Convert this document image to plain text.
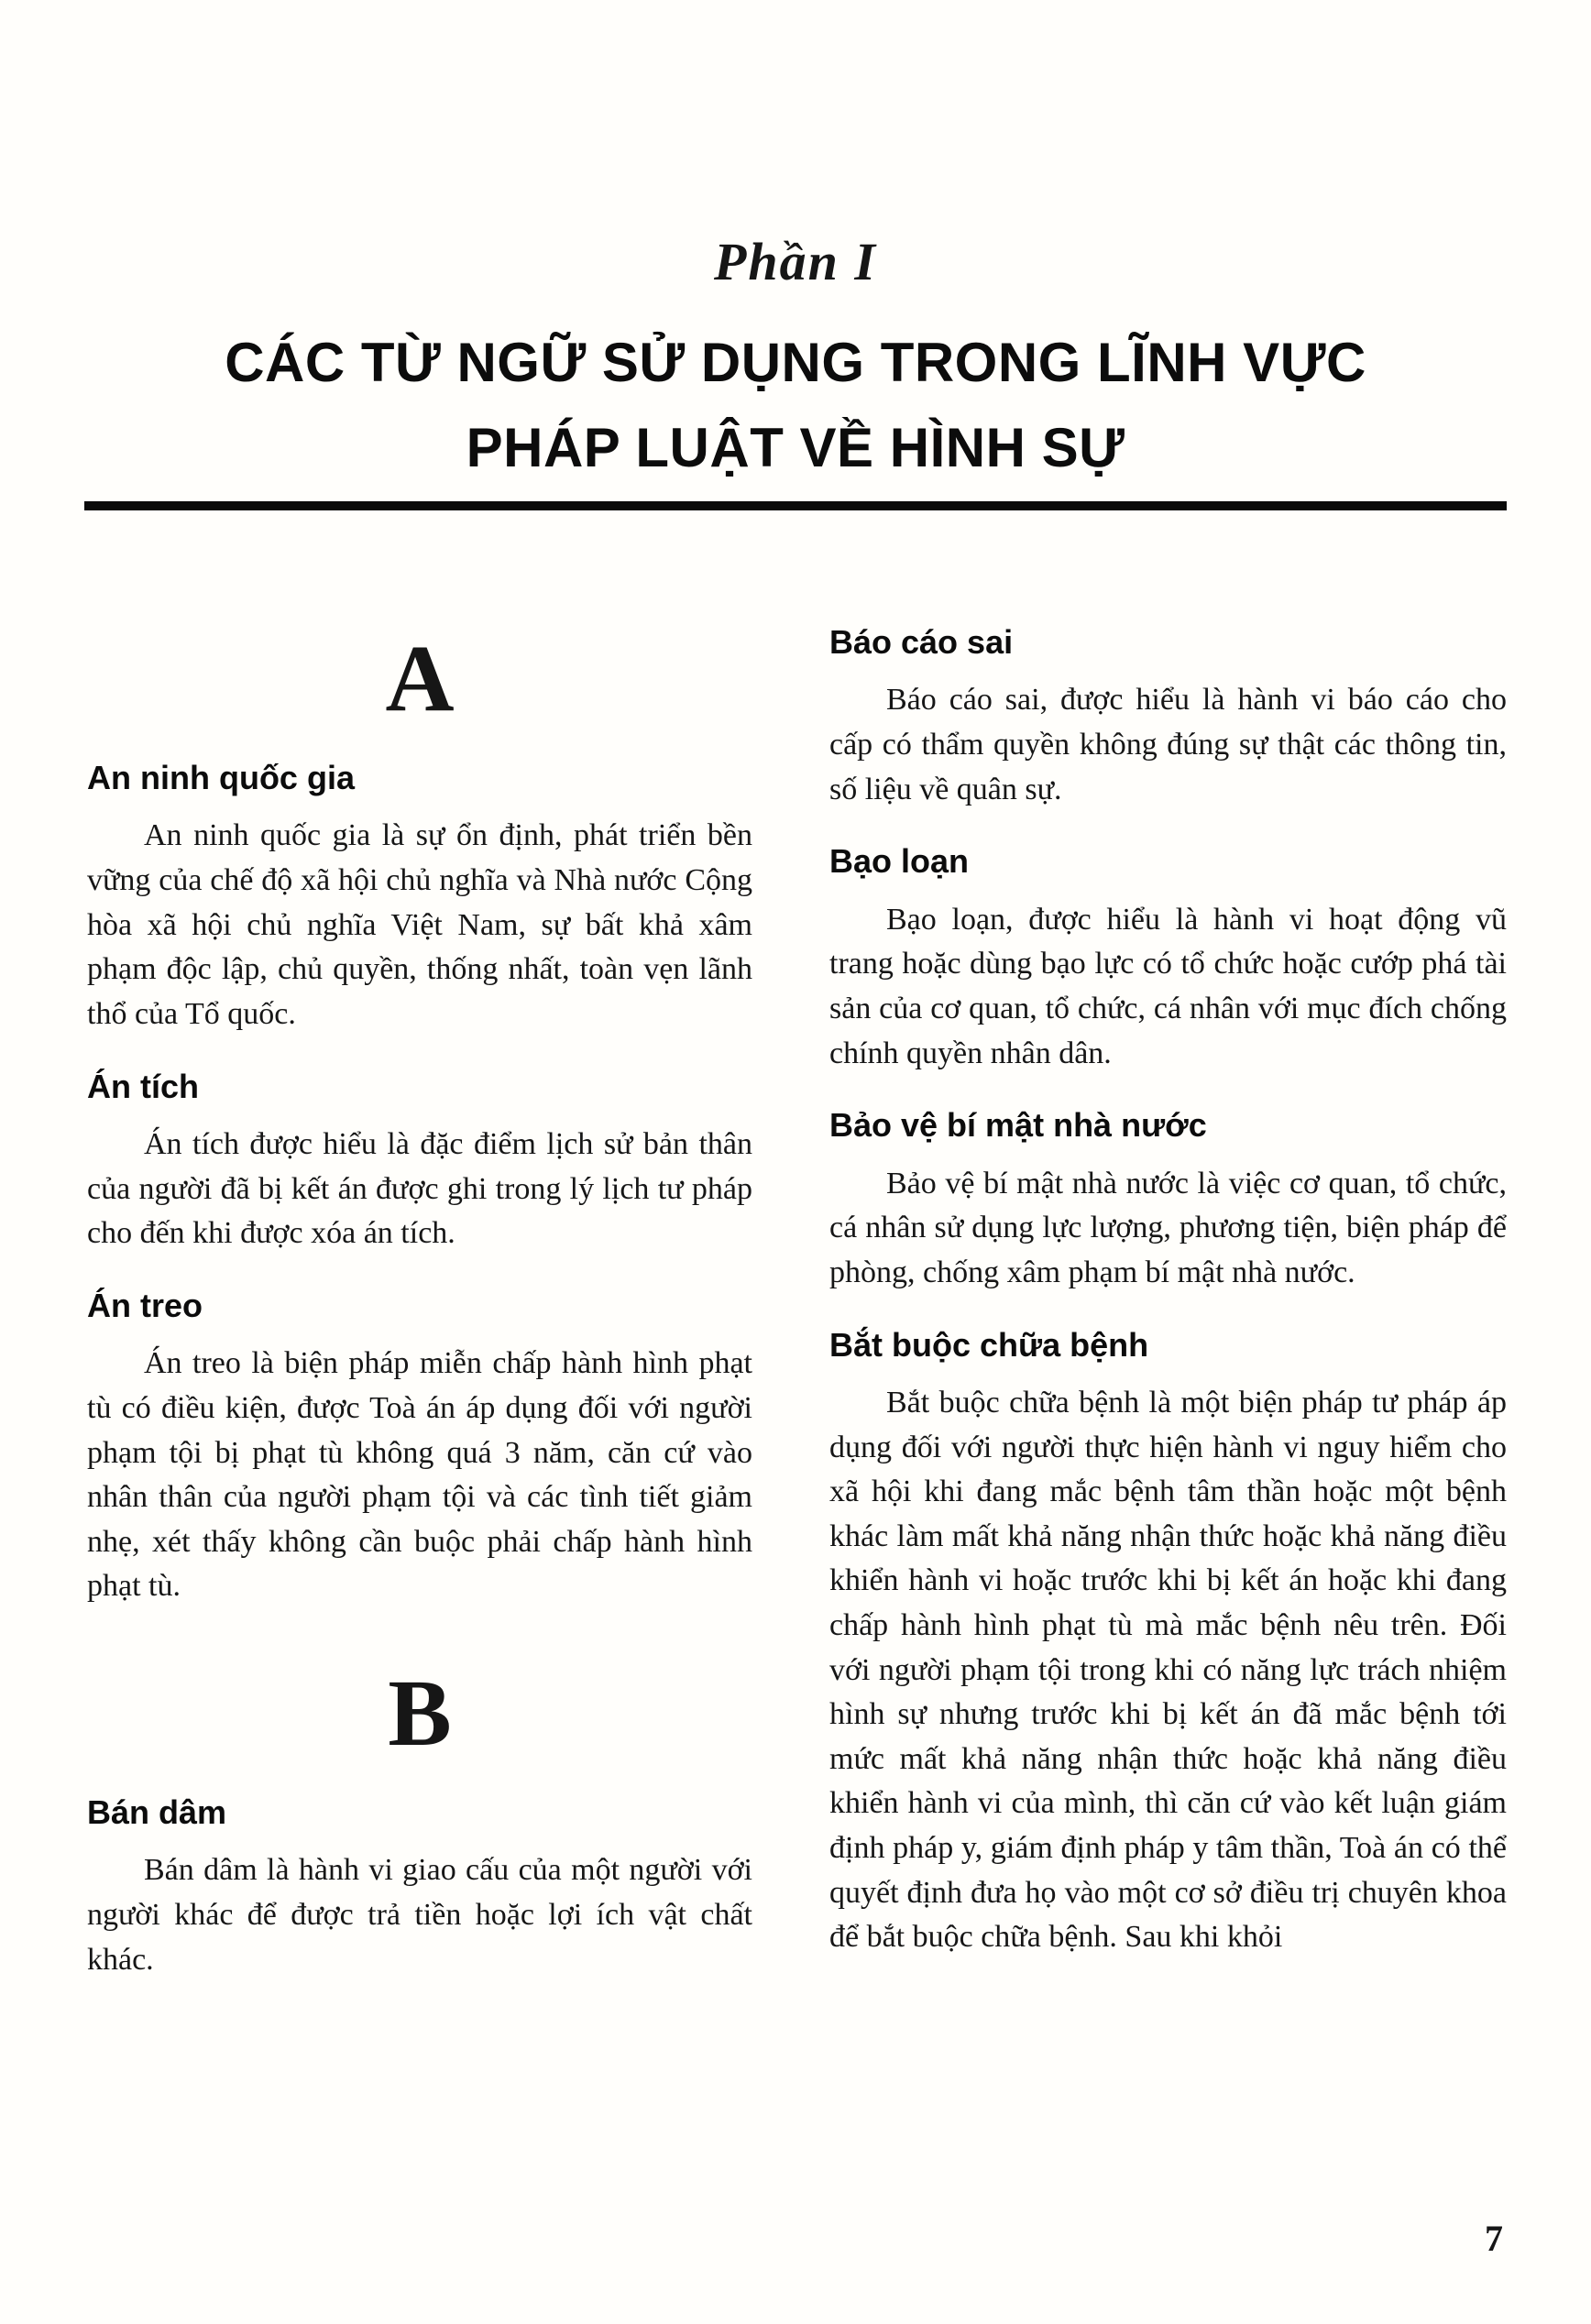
Phần I
CÁC TỪ NGỮ SỬ DỤNG TRONG LĨNH VỰC
PHÁP LUẬT VỀ HÌNH SỰ
A
An ninh quốc gia

An ninh quốc gia là sự ổn định, phát triển bền vững của chế độ xã hội chủ nghĩa và Nhà nước Cộng hòa xã hội chủ nghĩa Việt Nam, sự bất khả xâm phạm độc lập, chủ quyền, thống nhất, toàn vẹn lãnh thổ của Tổ quốc.

Án tích

Án tích được hiểu là đặc điểm lịch sử bản thân của người đã bị kết án được ghi trong lý lịch tư pháp cho đến khi được xóa án tích.

Án treo

Án treo là biện pháp miễn chấp hành hình phạt tù có điều kiện, được Toà án áp dụng đối với người phạm tội bị phạt tù không quá 3 năm, căn cứ vào nhân thân của người phạm tội và các tình tiết giảm nhẹ, xét thấy không cần buộc phải chấp hành hình phạt tù.

B
Bán dâm

Bán dâm là hành vi giao cấu của một người với người khác để được trả tiền hoặc lợi ích vật chất khác.

Báo cáo sai

Báo cáo sai, được hiểu là hành vi báo cáo cho cấp có thẩm quyền không đúng sự thật các thông tin, số liệu về quân sự.

Bạo loạn

Bạo loạn, được hiểu là hành vi hoạt động vũ trang hoặc dùng bạo lực có tổ chức hoặc cướp phá tài sản của cơ quan, tổ chức, cá nhân với mục đích chống chính quyền nhân dân.

Bảo vệ bí mật nhà nước

Bảo vệ bí mật nhà nước là việc cơ quan, tổ chức, cá nhân sử dụng lực lượng, phương tiện, biện pháp để phòng, chống xâm phạm bí mật nhà nước.

Bắt buộc chữa bệnh

Bắt buộc chữa bệnh là một biện pháp tư pháp áp dụng đối với người thực hiện hành vi nguy hiểm cho xã hội khi đang mắc bệnh tâm thần hoặc một bệnh khác làm mất khả năng nhận thức hoặc khả năng điều khiển hành vi hoặc trước khi bị kết án hoặc khi đang chấp hành hình phạt tù mà mắc bệnh nêu trên. Đối với người phạm tội trong khi có năng lực trách nhiệm hình sự nhưng trước khi bị kết án đã mắc bệnh tới mức mất khả năng nhận thức hoặc khả năng điều khiển hành vi của mình, thì căn cứ vào kết luận giám định pháp y, giám định pháp y tâm thần, Toà án có thể quyết định đưa họ vào một cơ sở điều trị chuyên khoa để bắt buộc chữa bệnh. Sau khi khỏi

7
